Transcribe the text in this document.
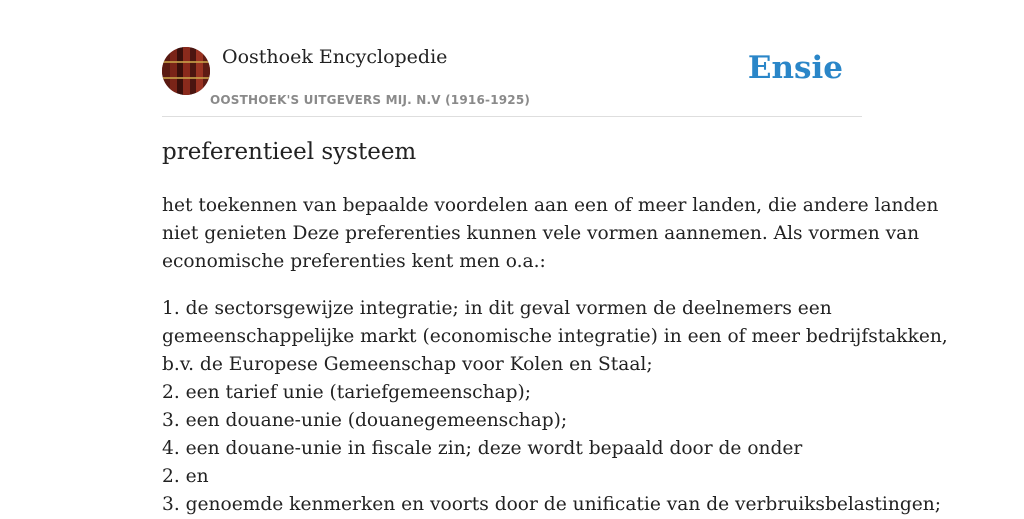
Oosthoek Encyclopedie
OOSTHOEK'S UITGEVERS MIJ. N.V (1916-1925)
Ensie
preferentieel systeem

het toekennen van bepaalde voordelen aan een of meer landen, die andere landen
niet genieten Deze preferenties kunnen vele vormen aannemen. Als vormen van
economische preferenties kent men o.a.:

1. de sectorsgewijze integratie; in dit geval vormen de deelnemers een
gemeenschappelijke markt (economische integratie) in een of meer bedrijfstakken,
b.v. de Europese Gemeenschap voor Kolen en Staal;
2. een tarief unie (tariefgemeenschap);
3. een douane-unie (douanegemeenschap);
4. een douane-unie in fiscale zin; deze wordt bepaald door de onder
2. en
3. genoemde kenmerken en voorts door de unificatie van de verbruiksbelastingen;
